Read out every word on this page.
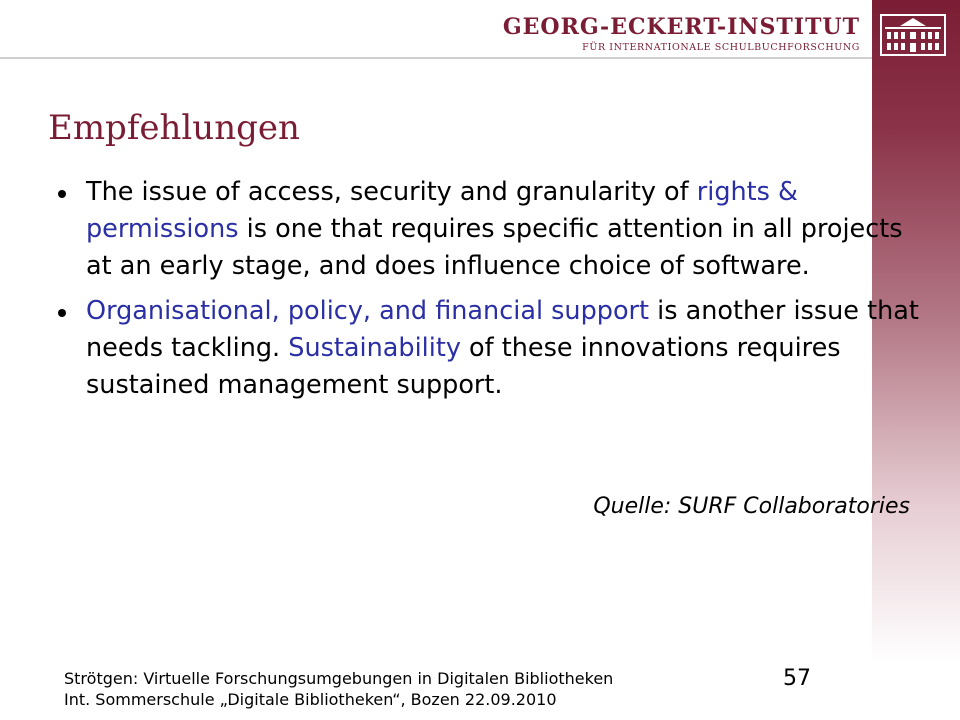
GEORG-ECKERT-INSTITUT
FÜR INTERNATIONALE SCHULBUCHFORSCHUNG
Empfehlungen
The issue of access, security and granularity of rights & permissions is one that requires specific attention in all projects at an early stage, and does influence choice of software.
Organisational, policy, and financial support is another issue that needs tackling. Sustainability of these innovations requires sustained management support.
Quelle: SURF Collaboratories
Strötgen: Virtuelle Forschungsumgebungen in Digitalen Bibliotheken
Int. Sommerschule „Digitale Bibliotheken“, Bozen 22.09.2010
57
